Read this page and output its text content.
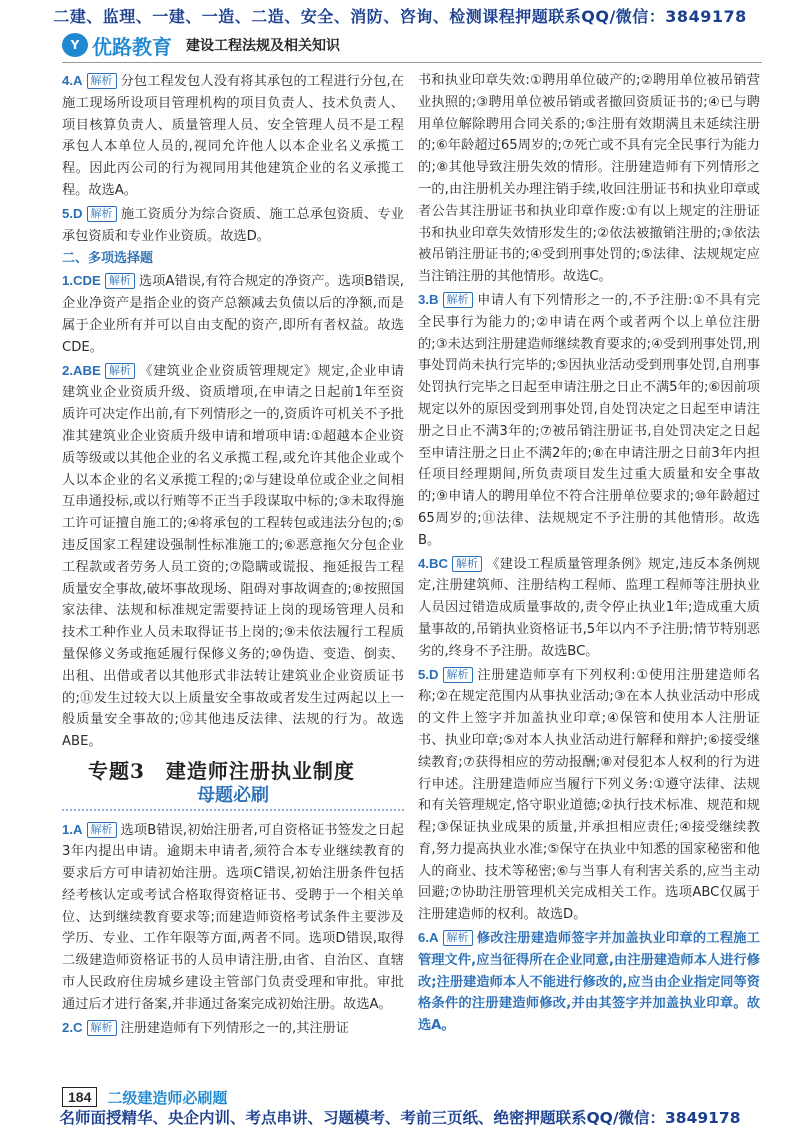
二建、监理、一建、一造、二造、安全、消防、咨询、检测课程押题联系QQ/微信：3849178
Y 优路教育 建设工程法规及相关知识

4.A 解析 分包工程发包人没有将其承包的工程进行分包,在施工现场所设项目管理机构的项目负责人、技术负责人、项目核算负责人、质量管理人员、安全管理人员不是工程承包人本单位人员的,视同允许他人以本企业名义承揽工程。因此丙公司的行为视同用其他建筑企业的名义承揽工程。故选A。

5.D 解析 施工资质分为综合资质、施工总承包资质、专业承包资质和专业作业资质。故选D。

二、多项选择题

1.CDE 解析 选项A错误,有符合规定的净资产。选项B错误,企业净资产是指企业的资产总额减去负债以后的净额,而是属于企业所有并可以自由支配的资产,即所有者权益。故选CDE。

2.ABE 解析 《建筑业企业资质管理规定》规定,企业申请建筑业企业资质升级、资质增项,在申请之日起前1年至资质许可决定作出前,有下列情形之一的,资质许可机关不予批准其建筑业企业资质升级申请和增项申请:①超越本企业资质等级或以其他企业的名义承揽工程,或允许其他企业或个人以本企业的名义承揽工程的;②与建设单位或企业之间相互串通投标,或以行贿等不正当手段谋取中标的;③未取得施工许可证擅自施工的;④将承包的工程转包或违法分包的;⑤违反国家工程建设强制性标准施工的;⑥恶意拖欠分包企业工程款或者劳务人员工资的;⑦隐瞒或谎报、拖延报告工程质量安全事故,破坏事故现场、阻碍对事故调查的;⑧按照国家法律、法规和标准规定需要持证上岗的现场管理人员和技术工种作业人员未取得证书上岗的;⑨未依法履行工程质量保修义务或拖延履行保修义务的;⑩伪造、变造、倒卖、出租、出借或者以其他形式非法转让建筑业企业资质证书的;⑪发生过较大以上质量安全事故或者发生过两起以上一般质量安全事故的;⑫其他违反法律、法规的行为。故选ABE。

专题3　建造师注册执业制度

母题必刷

1.A 解析 选项B错误,初始注册者,可自资格证书签发之日起3年内提出申请。逾期未申请者,须符合本专业继续教育的要求后方可申请初始注册。选项C错误,初始注册条件包括经考核认定或考试合格取得资格证书、受聘于一个相关单位、达到继续教育要求等;而建造师资格考试条件主要涉及学历、专业、工作年限等方面,两者不同。选项D错误,取得二级建造师资格证书的人员申请注册,由省、自治区、直辖市人民政府住房城乡建设主管部门负责受理和审批。审批通过后才进行备案,并非通过备案完成初始注册。故选A。

2.C 解析 注册建造师有下列情形之一的,其注册证

书和执业印章失效:①聘用单位破产的;②聘用单位被吊销营业执照的;③聘用单位被吊销或者撤回资质证书的;④已与聘用单位解除聘用合同关系的;⑤注册有效期满且未延续注册的;⑥年龄超过65周岁的;⑦死亡或不具有完全民事行为能力的;⑧其他导致注册失效的情形。注册建造师有下列情形之一的,由注册机关办理注销手续,收回注册证书和执业印章或者公告其注册证书和执业印章作废:①有以上规定的注册证书和执业印章失效情形发生的;②依法被撤销注册的;③依法被吊销注册证书的;④受到刑事处罚的;⑤法律、法规规定应当注销注册的其他情形。故选C。

3.B 解析 申请人有下列情形之一的,不予注册:①不具有完全民事行为能力的;②申请在两个或者两个以上单位注册的;③未达到注册建造师继续教育要求的;④受到刑事处罚,刑事处罚尚未执行完毕的;⑤因执业活动受到刑事处罚,自刑事处罚执行完毕之日起至申请注册之日止不满5年的;⑥因前项规定以外的原因受到刑事处罚,自处罚决定之日起至申请注册之日止不满3年的;⑦被吊销注册证书,自处罚决定之日起至申请注册之日止不满2年的;⑧在申请注册之日前3年内担任项目经理期间,所负责项目发生过重大质量和安全事故的;⑨申请人的聘用单位不符合注册单位要求的;⑩年龄超过65周岁的;⑪法律、法规规定不予注册的其他情形。故选B。

4.BC 解析 《建设工程质量管理条例》规定,违反本条例规定,注册建筑师、注册结构工程师、监理工程师等注册执业人员因过错造成质量事故的,责令停止执业1年;造成重大质量事故的,吊销执业资格证书,5年以内不予注册;情节特别恶劣的,终身不予注册。故选BC。

5.D 解析 注册建造师享有下列权利:①使用注册建造师名称;②在规定范围内从事执业活动;③在本人执业活动中形成的文件上签字并加盖执业印章;④保管和使用本人注册证书、执业印章;⑤对本人执业活动进行解释和辩护;⑥接受继续教育;⑦获得相应的劳动报酬;⑧对侵犯本人权利的行为进行申述。注册建造师应当履行下列义务:①遵守法律、法规和有关管理规定,恪守职业道德;②执行技术标准、规范和规程;③保证执业成果的质量,并承担相应责任;④接受继续教育,努力提高执业水准;⑤保守在执业中知悉的国家秘密和他人的商业、技术等秘密;⑥与当事人有利害关系的,应当主动回避;⑦协助注册管理机关完成相关工作。选项ABC仅属于注册建造师的权利。故选D。

6.A 解析 修改注册建造师签字并加盖执业印章的工程施工管理文件,应当征得所在企业同意,由注册建造师本人进行修改;注册建造师本人不能进行修改的,应当由企业指定同等资格条件的注册建造师修改,并由其签字并加盖执业印章。故选A。

184	二级建造师必刷题
名师面授精华、央企内训、考点串讲、习题模考、考前三页纸、绝密押题联系QQ/微信：3849178
